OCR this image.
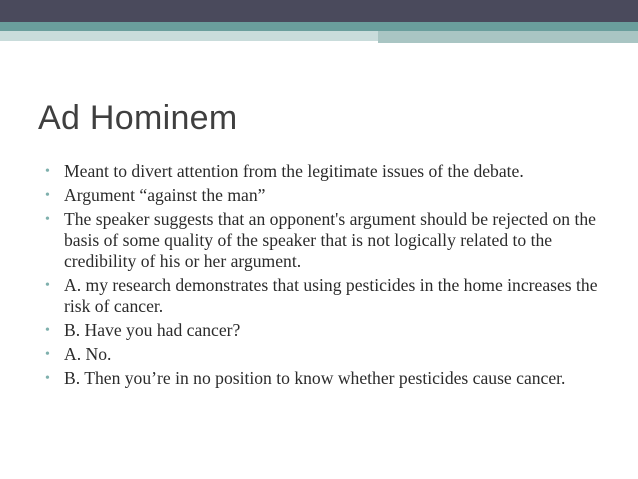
Ad Hominem
• Meant to divert attention from the legitimate issues of the debate.
• Argument “against the man”
• The speaker suggests that an opponent's argument should be rejected on the basis of some quality of the speaker that is not logically related to the credibility of his or her argument.
• A. my research demonstrates that using pesticides in the home increases the risk of cancer.
• B. Have you had cancer?
• A. No.
• B. Then you’re in no position to know whether pesticides cause cancer.
